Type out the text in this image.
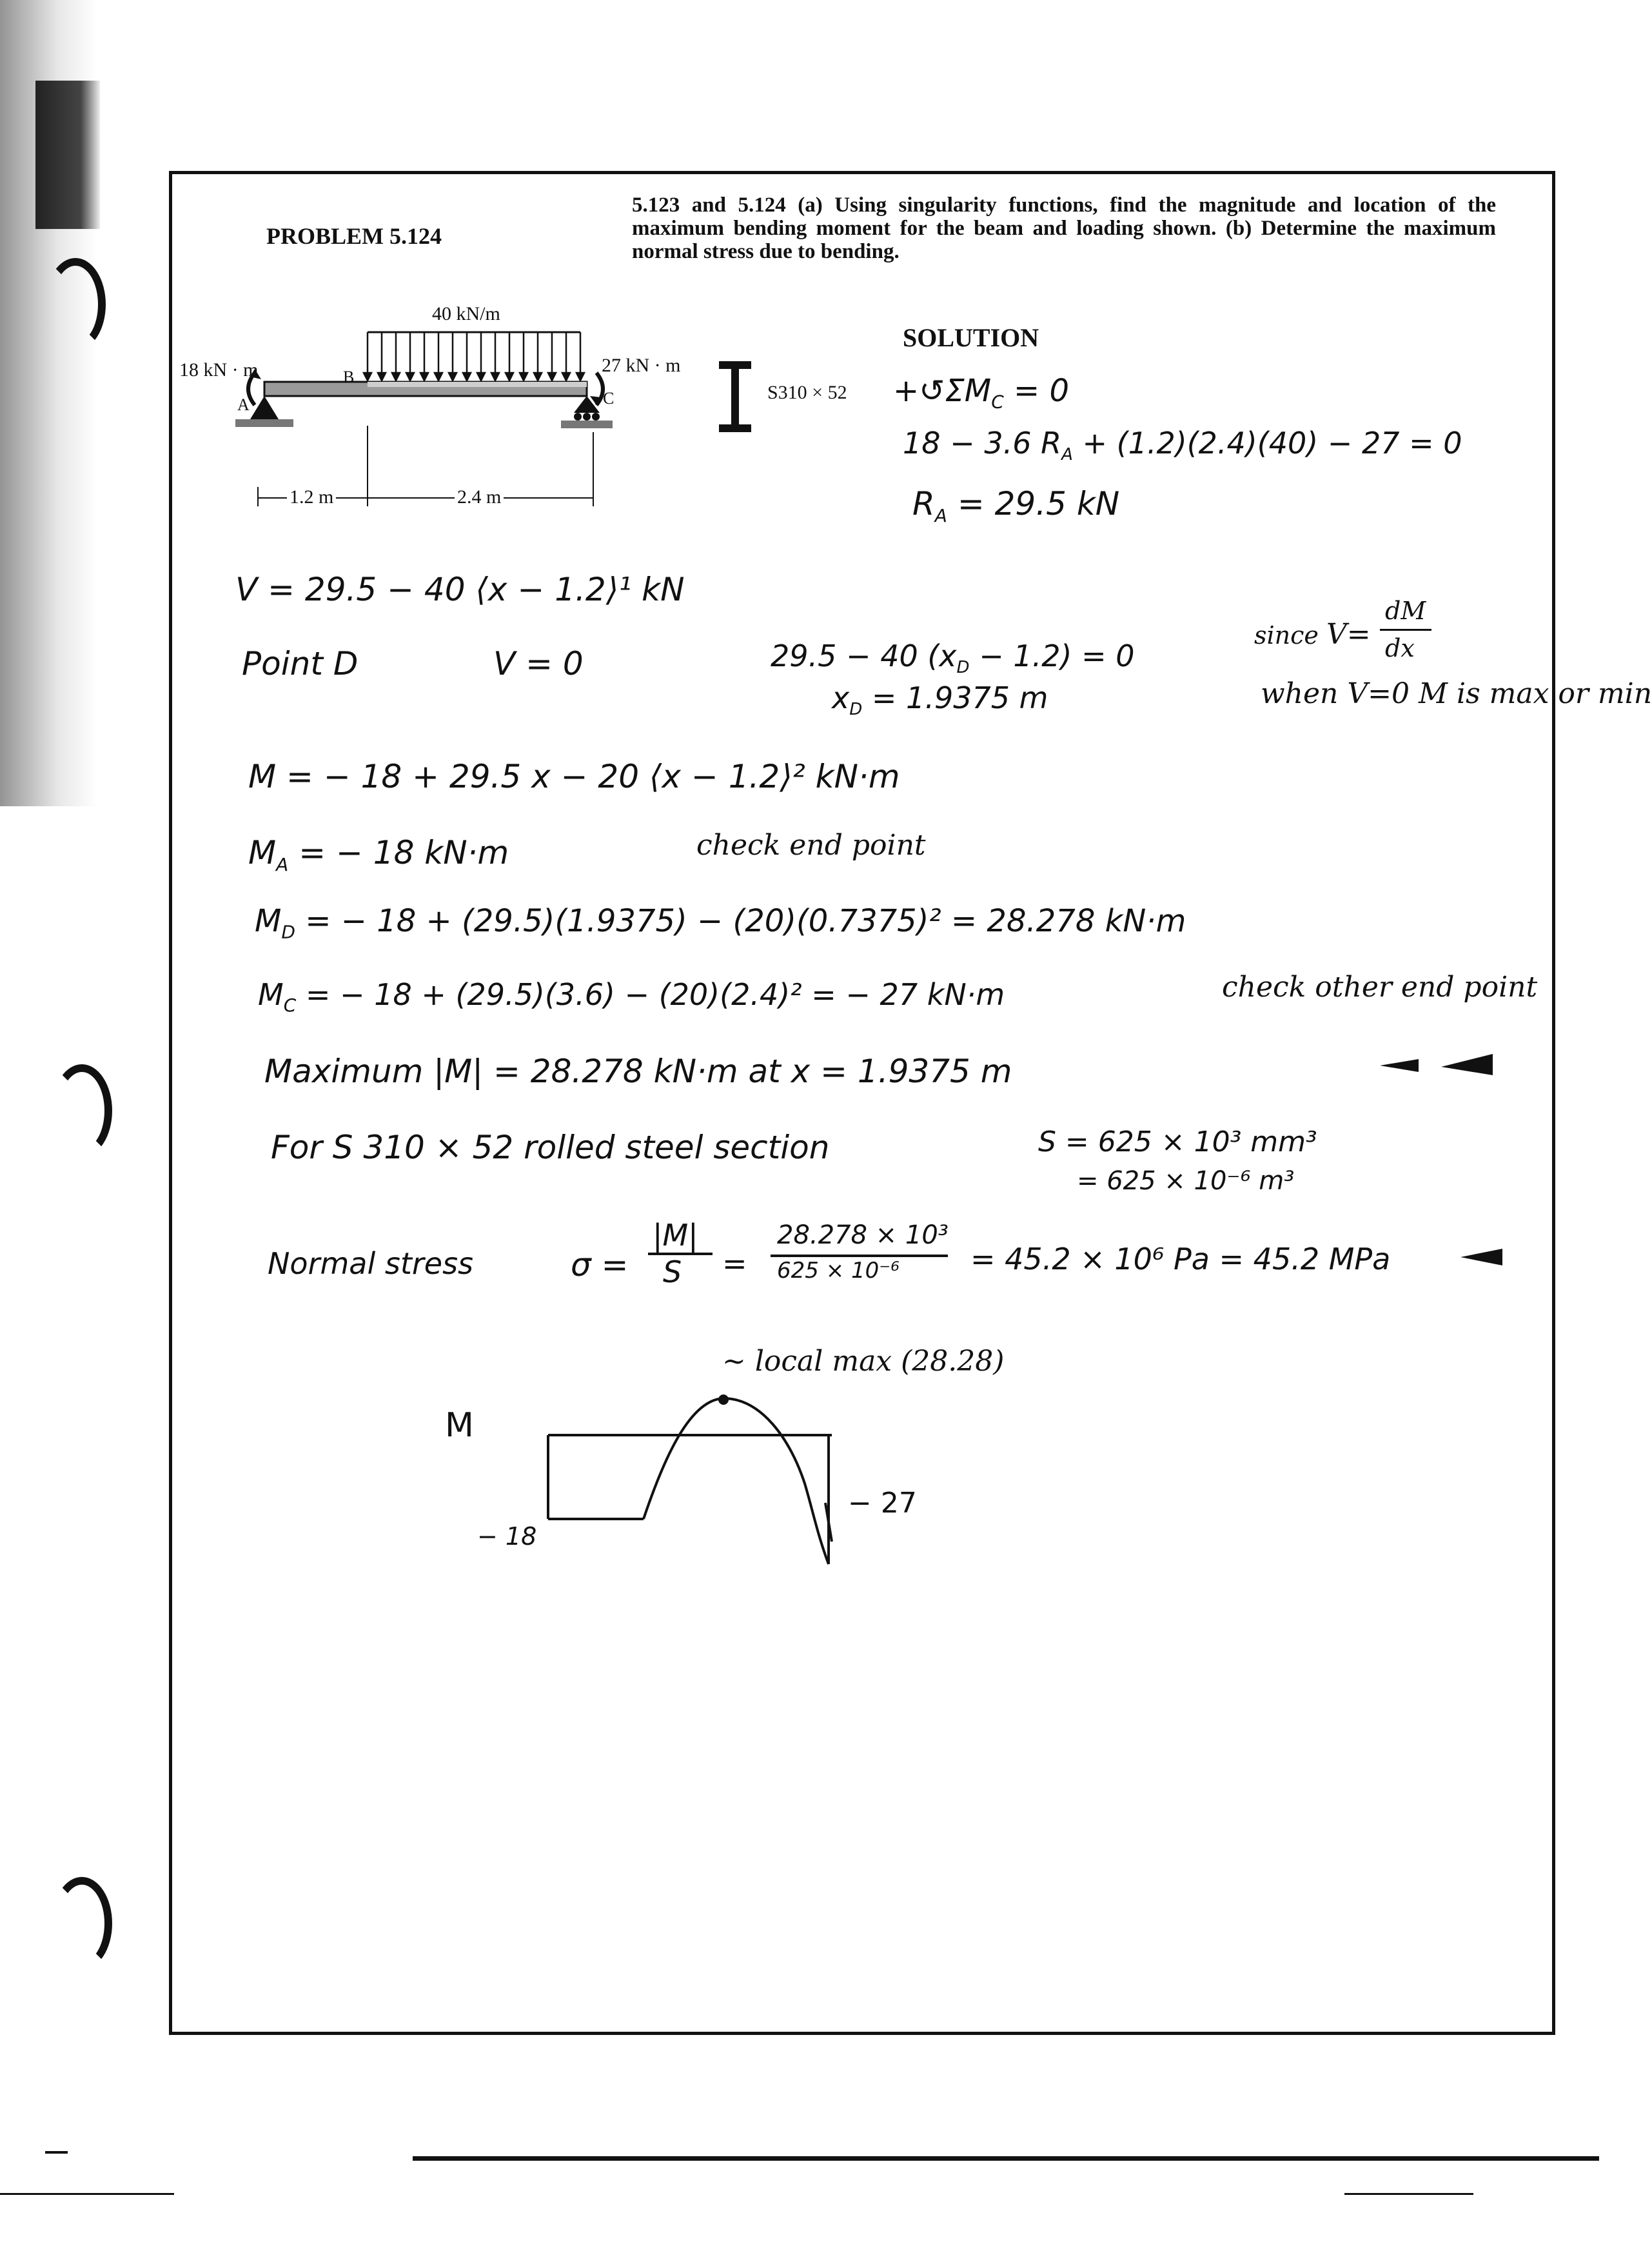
PROBLEM 5.124
5.123 and 5.124 (a) Using singularity functions, find the magnitude and location of the maximum bending moment for the beam and loading shown. (b) Determine the maximum normal stress due to bending.
40 kN/m
18 kN · m	27 kN · m
A
B
C
1.2 m	2.4 m
S310 × 52
SOLUTION
$+↺\Sigma M_C = 0$
18 − 3.6 $R_A + (1.2)(2.4)(40) - 27 = 0$
$R_A = 29.5$ kN
V = 29.5 − 40 ⟨x − 1.2⟩¹ kN
Point D	V = 0	29.5 − 40 $(x_D - 1.2) = 0$
$x_D = 1.9375$ m
since V=
dM
dx
when V=0 M is max or min
M = − 18 + 29.5 x − 20 ⟨x − 1.2⟩² kN·m
$M_A$ = − 18 kN·m	check end point
$M_D$ = − 18 + (29.5)(1.9375) − (20)(0.7375)² = 28.278 kN·m
$M_C$ = − 18 + (29.5)(3.6) − (20)(2.4)² = − 27 kN·m	check other end point
Maximum |M| = 28.278 kN·m at x = 1.9375 m
For S 310 × 52 rolled steel section	S = 625 × 10³ mm³
= 625 × 10⁻⁶ m³
Normal stress	σ =
|M|
S =
28.278 × 10³
625 × 10⁻⁶ = 45.2 × 10⁶ Pa = 45.2 MPa
~ local max (28.28)
M
− 18
− 27
